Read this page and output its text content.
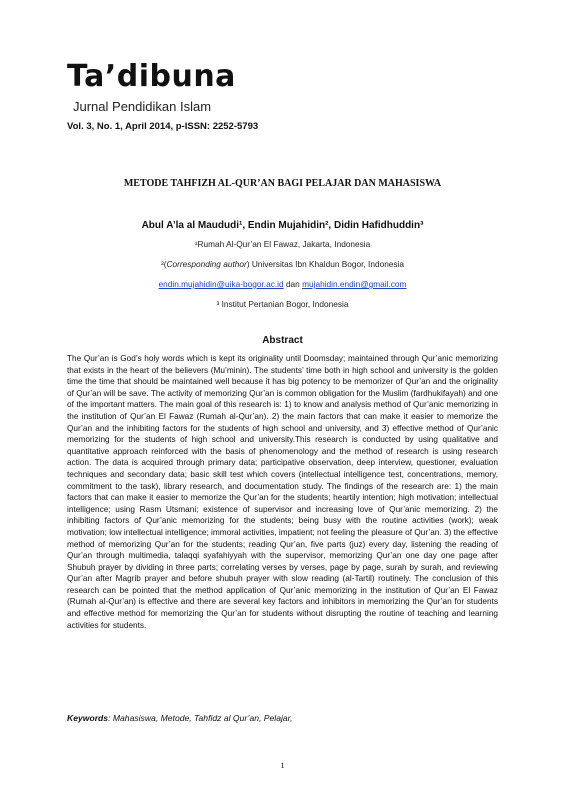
Ta’dibuna
Jurnal Pendidikan Islam
Vol. 3, No. 1, April 2014, p-ISSN: 2252-5793
METODE TAHFIZH AL-QUR’AN BAGI PELAJAR DAN MAHASISWA
Abul A’la al Maududi¹, Endin Mujahidin², Didin Hafidhuddin³
¹Rumah Al-Qur’an El Fawaz, Jakarta, Indonesia
²(Corresponding author) Universitas Ibn Khaldun Bogor, Indonesia
endin.mujahidin@uika-bogor.ac.id dan mujahidin.endin@gmail.com
³ Institut Pertanian Bogor, Indonesia
Abstract

The Qur’an is God’s holy words which is kept its originality until Doomsday; maintained through Qur’anic memorizing that exists in the heart of the believers (Mu’minin). The students’ time both in high school and university is the golden time the time that should be maintained well because it has big potency to be memorizer of Qur’an and the originality of Qur’an will be save. The activity of memorizing Qur’an is common obligation for the Muslim (fardhukifayah) and one of the important matters. The main goal of this research is: 1) to know and analysis method of Qur’anic memorizing in the institution of Qur’an El Fawaz (Rumah al-Qur’an). 2) the main factors that can make it easier to memorize the Qur’an and the inhibiting factors for the students of high school and university, and 3) effective method of Qur’anic memorizing for the students of high school and university.This research is conducted by using qualitative and quantitative approach reinforced with the basis of phenomenology and the method of research is using research action. The data is acquired through primary data; participative observation, deep interview, questioner, evaluation techniques and secondary data; basic skill test which covers (intellectual intelligence test, concentrations, memory, commitment to the task), library research, and documentation study. The findings of the research are: 1) the main factors that can make it easier to memorize the Qur’an for the students; heartily intention; high motivation; intellectual intelligence; using Rasm Utsmani; existence of supervisor and increasing love of Qur’anic memorizing. 2) the inhibiting factors of Qur’anic memorizing for the students; being busy with the routine activities (work); weak motivation; low intellectual intelligence; immoral activities, impatient; not feeling the pleasure of Qur’an. 3) the effective method of memorizing Qur’an for the students; reading Qur’an, five parts (juz) every day, listening the reading of Qur’an through multimedia, talaqqi syafahiyyah with the supervisor, memorizing Qur’an one day one page after Shubuh prayer by dividing in three parts; correlating verses by verses, page by page, surah by surah, and reviewing Qur’an after Magrib prayer and before shubuh prayer with slow reading (al-Tartil) routinely. The conclusion of this research can be pointed that the method application of Qur’anic memorizing in the institution of Qur’an El Fawaz (Rumah al-Qur’an) is effective and there are several key factors and inhibitors in memorizing the Qur’an for students and effective method for memorizing the Qur’an for students without disrupting the routine of teaching and learning activities for students.

Keywords: Mahasiswa, Metode, Tahfidz al Qur’an, Pelajar,
1
